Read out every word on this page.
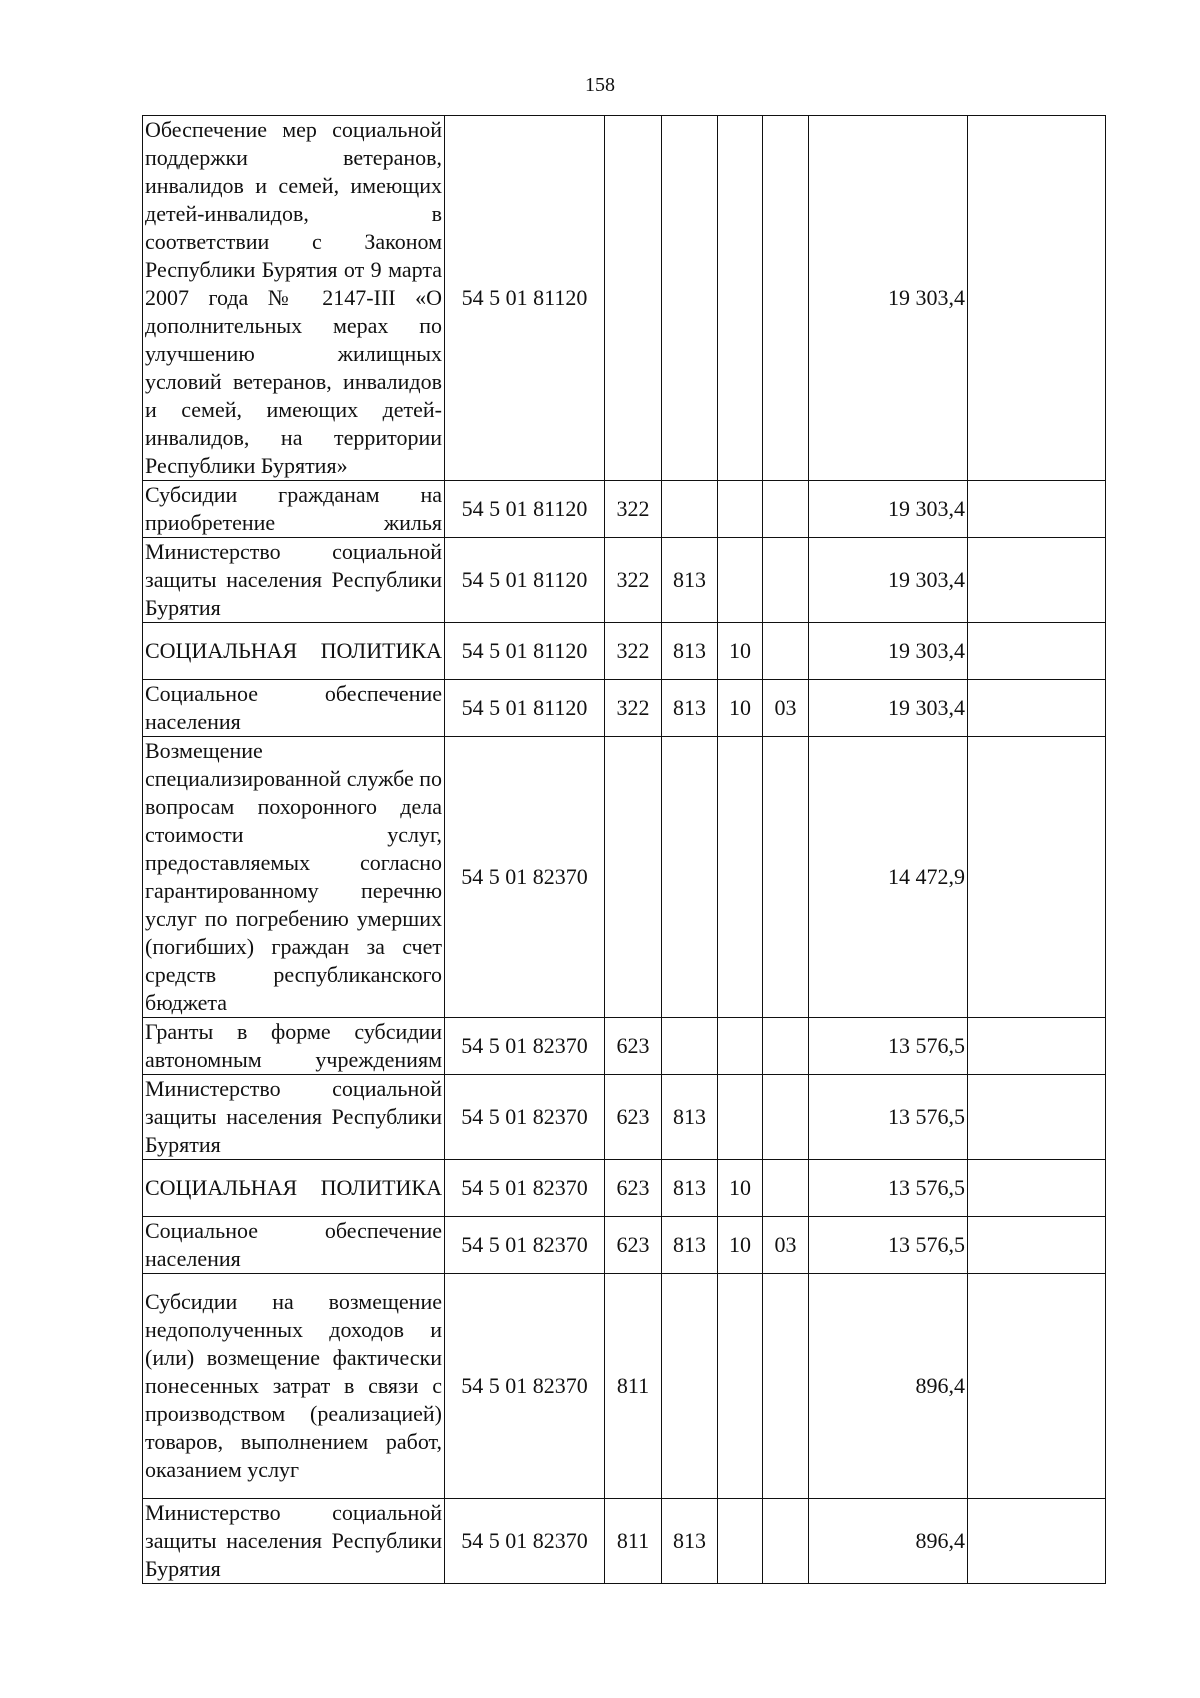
158
Обеспечение мер социальной поддержки ветеранов, инвалидов и семей, имеющих детей-инвалидов, в соответствии с Законом Республики Бурятия от 9 марта 2007 года № 2147-III «О дополнительных мерах по улучшению жилищных условий ветеранов, инвалидов и семей, имеющих детей-инвалидов, на территории Республики Бурятия»	54 5 01 81120					19 303,4	
Субсидии гражданам на приобретение жилья	54 5 01 81120	322				19 303,4	
Министерство социальной защиты населения Республики Бурятия	54 5 01 81120	322	813			19 303,4	
СОЦИАЛЬНАЯ ПОЛИТИКА	54 5 01 81120	322	813	10		19 303,4	
Социальное обеспечение населения	54 5 01 81120	322	813	10	03	19 303,4	
Возмещение специализированной службе по вопросам похоронного дела стоимости услуг, предоставляемых согласно гарантированному перечню услуг по погребению умерших (погибших) граждан за счет средств республиканского бюджета	54 5 01 82370					14 472,9	
Гранты в форме субсидии автономным учреждениям	54 5 01 82370	623				13 576,5	
Министерство социальной защиты населения Республики Бурятия	54 5 01 82370	623	813			13 576,5	
СОЦИАЛЬНАЯ ПОЛИТИКА	54 5 01 82370	623	813	10		13 576,5	
Социальное обеспечение населения	54 5 01 82370	623	813	10	03	13 576,5	
Субсидии на возмещение недополученных доходов и (или) возмещение фактически понесенных затрат в связи с производством (реализацией) товаров, выполнением работ, оказанием услуг	54 5 01 82370	811				896,4	
Министерство социальной защиты населения Республики Бурятия	54 5 01 82370	811	813			896,4	
